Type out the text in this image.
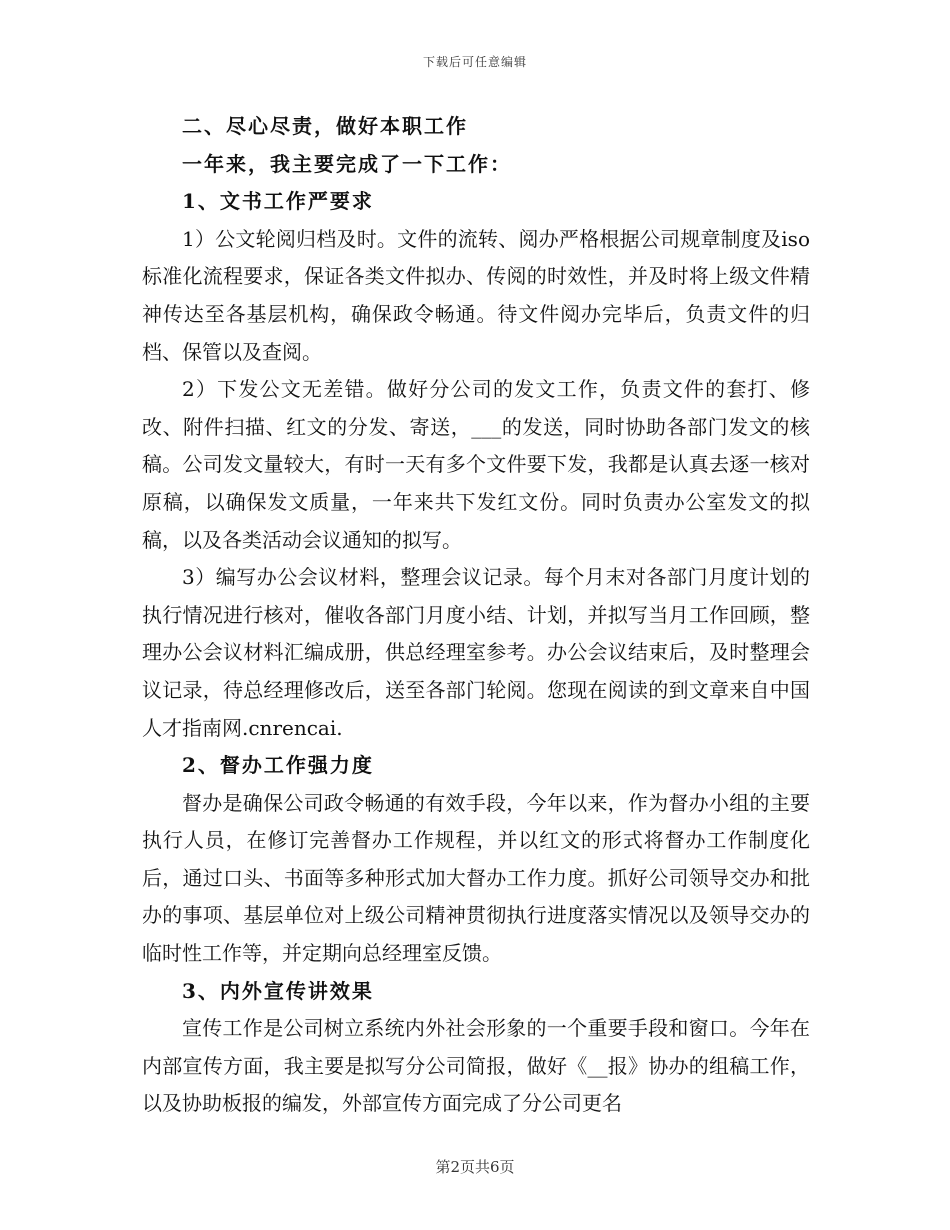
下载后可任意编辑

二、尽心尽责，做好本职工作

一年来，我主要完成了一下工作：

1、文书工作严要求

1）公文轮阅归档及时。文件的流转、阅办严格根据公司规章制度及iso标准化流程要求，保证各类文件拟办、传阅的时效性，并及时将上级文件精神传达至各基层机构，确保政令畅通。待文件阅办完毕后，负责文件的归档、保管以及查阅。

2）下发公文无差错。做好分公司的发文工作，负责文件的套打、修改、附件扫描、红文的分发、寄送，___的发送，同时协助各部门发文的核稿。公司发文量较大，有时一天有多个文件要下发，我都是认真去逐一核对原稿，以确保发文质量，一年来共下发红文份。同时负责办公室发文的拟稿，以及各类活动会议通知的拟写。

3）编写办公会议材料，整理会议记录。每个月末对各部门月度计划的执行情况进行核对，催收各部门月度小结、计划，并拟写当月工作回顾，整理办公会议材料汇编成册，供总经理室参考。办公会议结束后，及时整理会议记录，待总经理修改后，送至各部门轮阅。您现在阅读的到文章来自中国人才指南网.cnrencai.

2、督办工作强力度

督办是确保公司政令畅通的有效手段，今年以来，作为督办小组的主要执行人员，在修订完善督办工作规程，并以红文的形式将督办工作制度化后，通过口头、书面等多种形式加大督办工作力度。抓好公司领导交办和批办的事项、基层单位对上级公司精神贯彻执行进度落实情况以及领导交办的临时性工作等，并定期向总经理室反馈。

3、内外宣传讲效果

宣传工作是公司树立系统内外社会形象的一个重要手段和窗口。今年在内部宣传方面，我主要是拟写分公司简报，做好《__报》协办的组稿工作，以及协助板报的编发，外部宣传方面完成了分公司更名

第2页共6页
